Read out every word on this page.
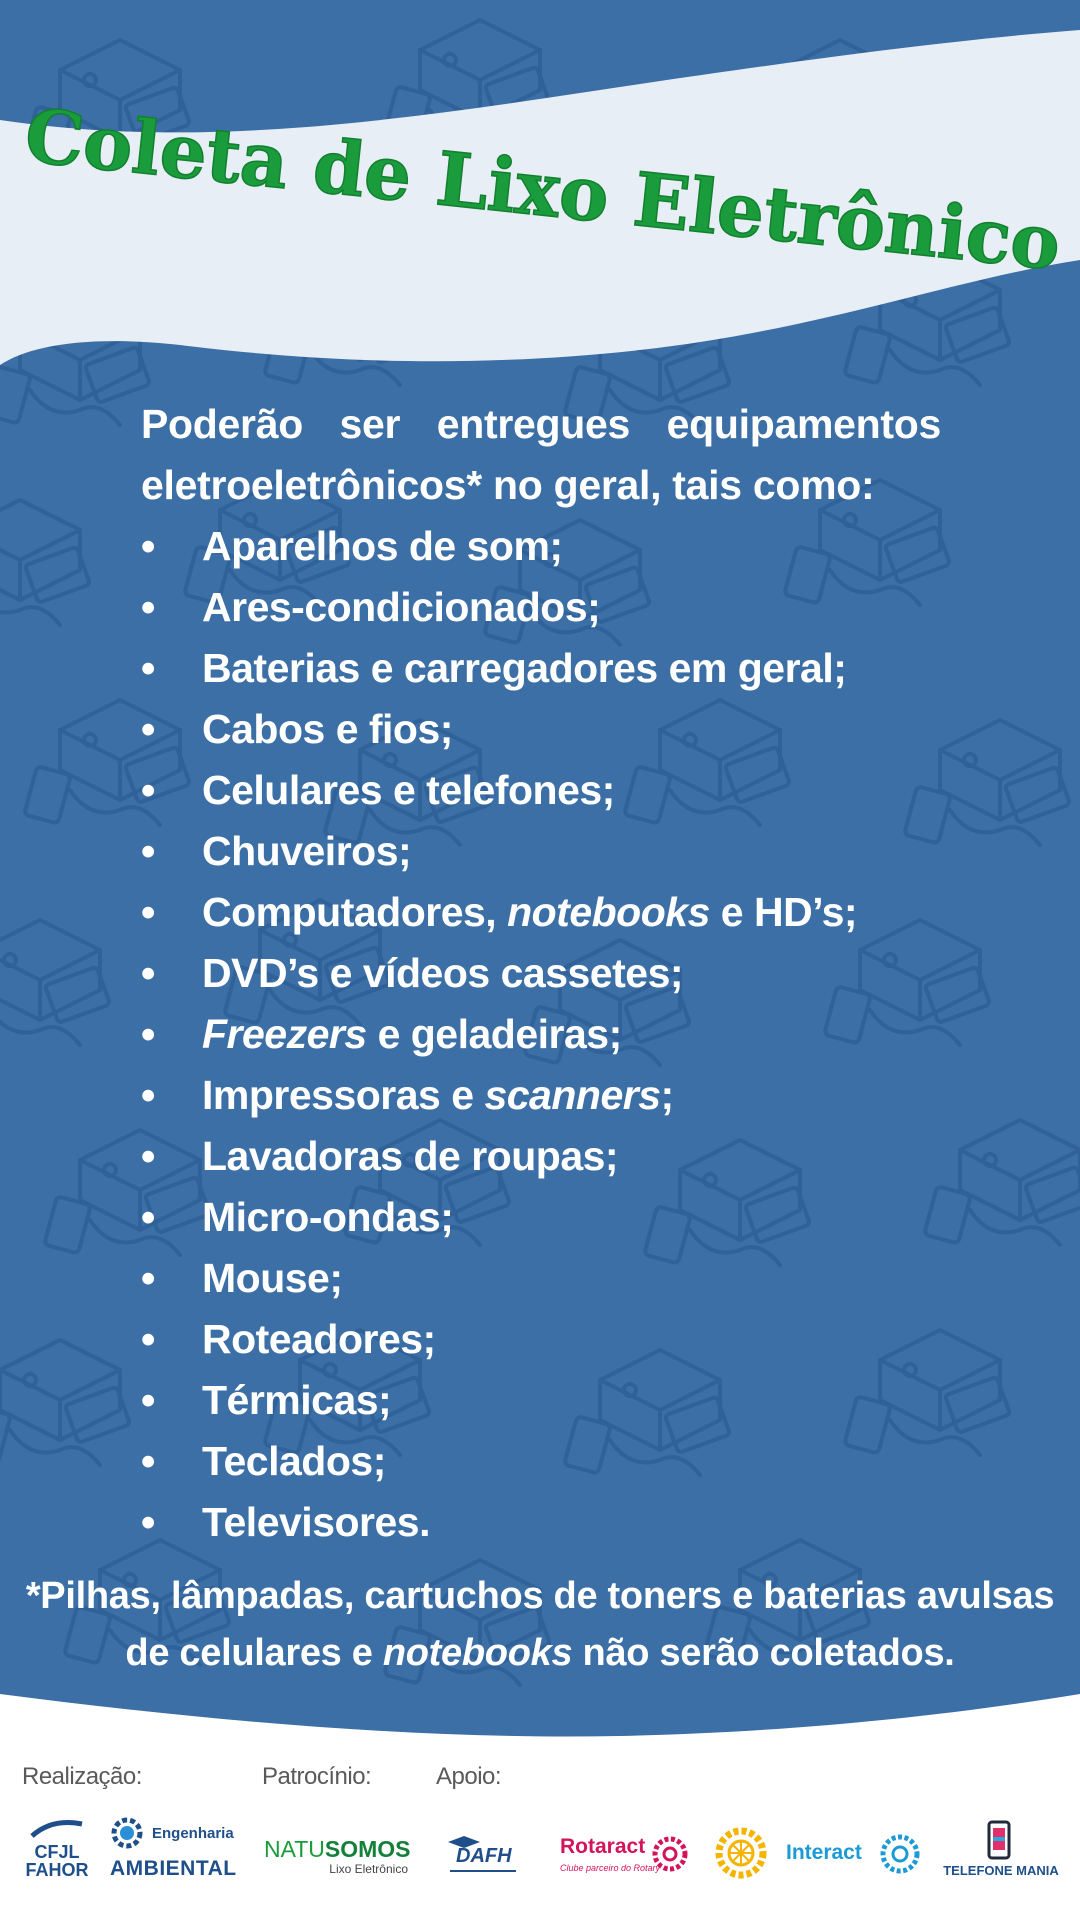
Coleta de Lixo Eletrônico

Poderão ser entregues equipamentos
eletroeletrônicos* no geral, tais como:

•	Aparelhos de som;
•	Ares-condicionados;
•	Baterias e carregadores em geral;
•	Cabos e fios;
•	Celulares e telefones;
•	Chuveiros;
•	Computadores, notebooks e HD’s;
•	DVD’s e vídeos cassetes;
•	Freezers e geladeiras;
•	Impressoras e scanners;
•	Lavadoras de roupas;
•	Micro-ondas;
•	Mouse;
•	Roteadores;
•	Térmicas;
•	Teclados;
•	Televisores.
*Pilhas, lâmpadas, cartuchos de toners e baterias avulsas
de celulares e notebooks não serão coletados.
Realização:	Patrocínio:	Apoio:
CFJL
FAHOR
Engenharia
AMBIENTAL
NATUSOMOS
Lixo Eletrônico
DAFH Rotaract
Clube parceiro do Rotary
Interact
TELEFONE MANIA
